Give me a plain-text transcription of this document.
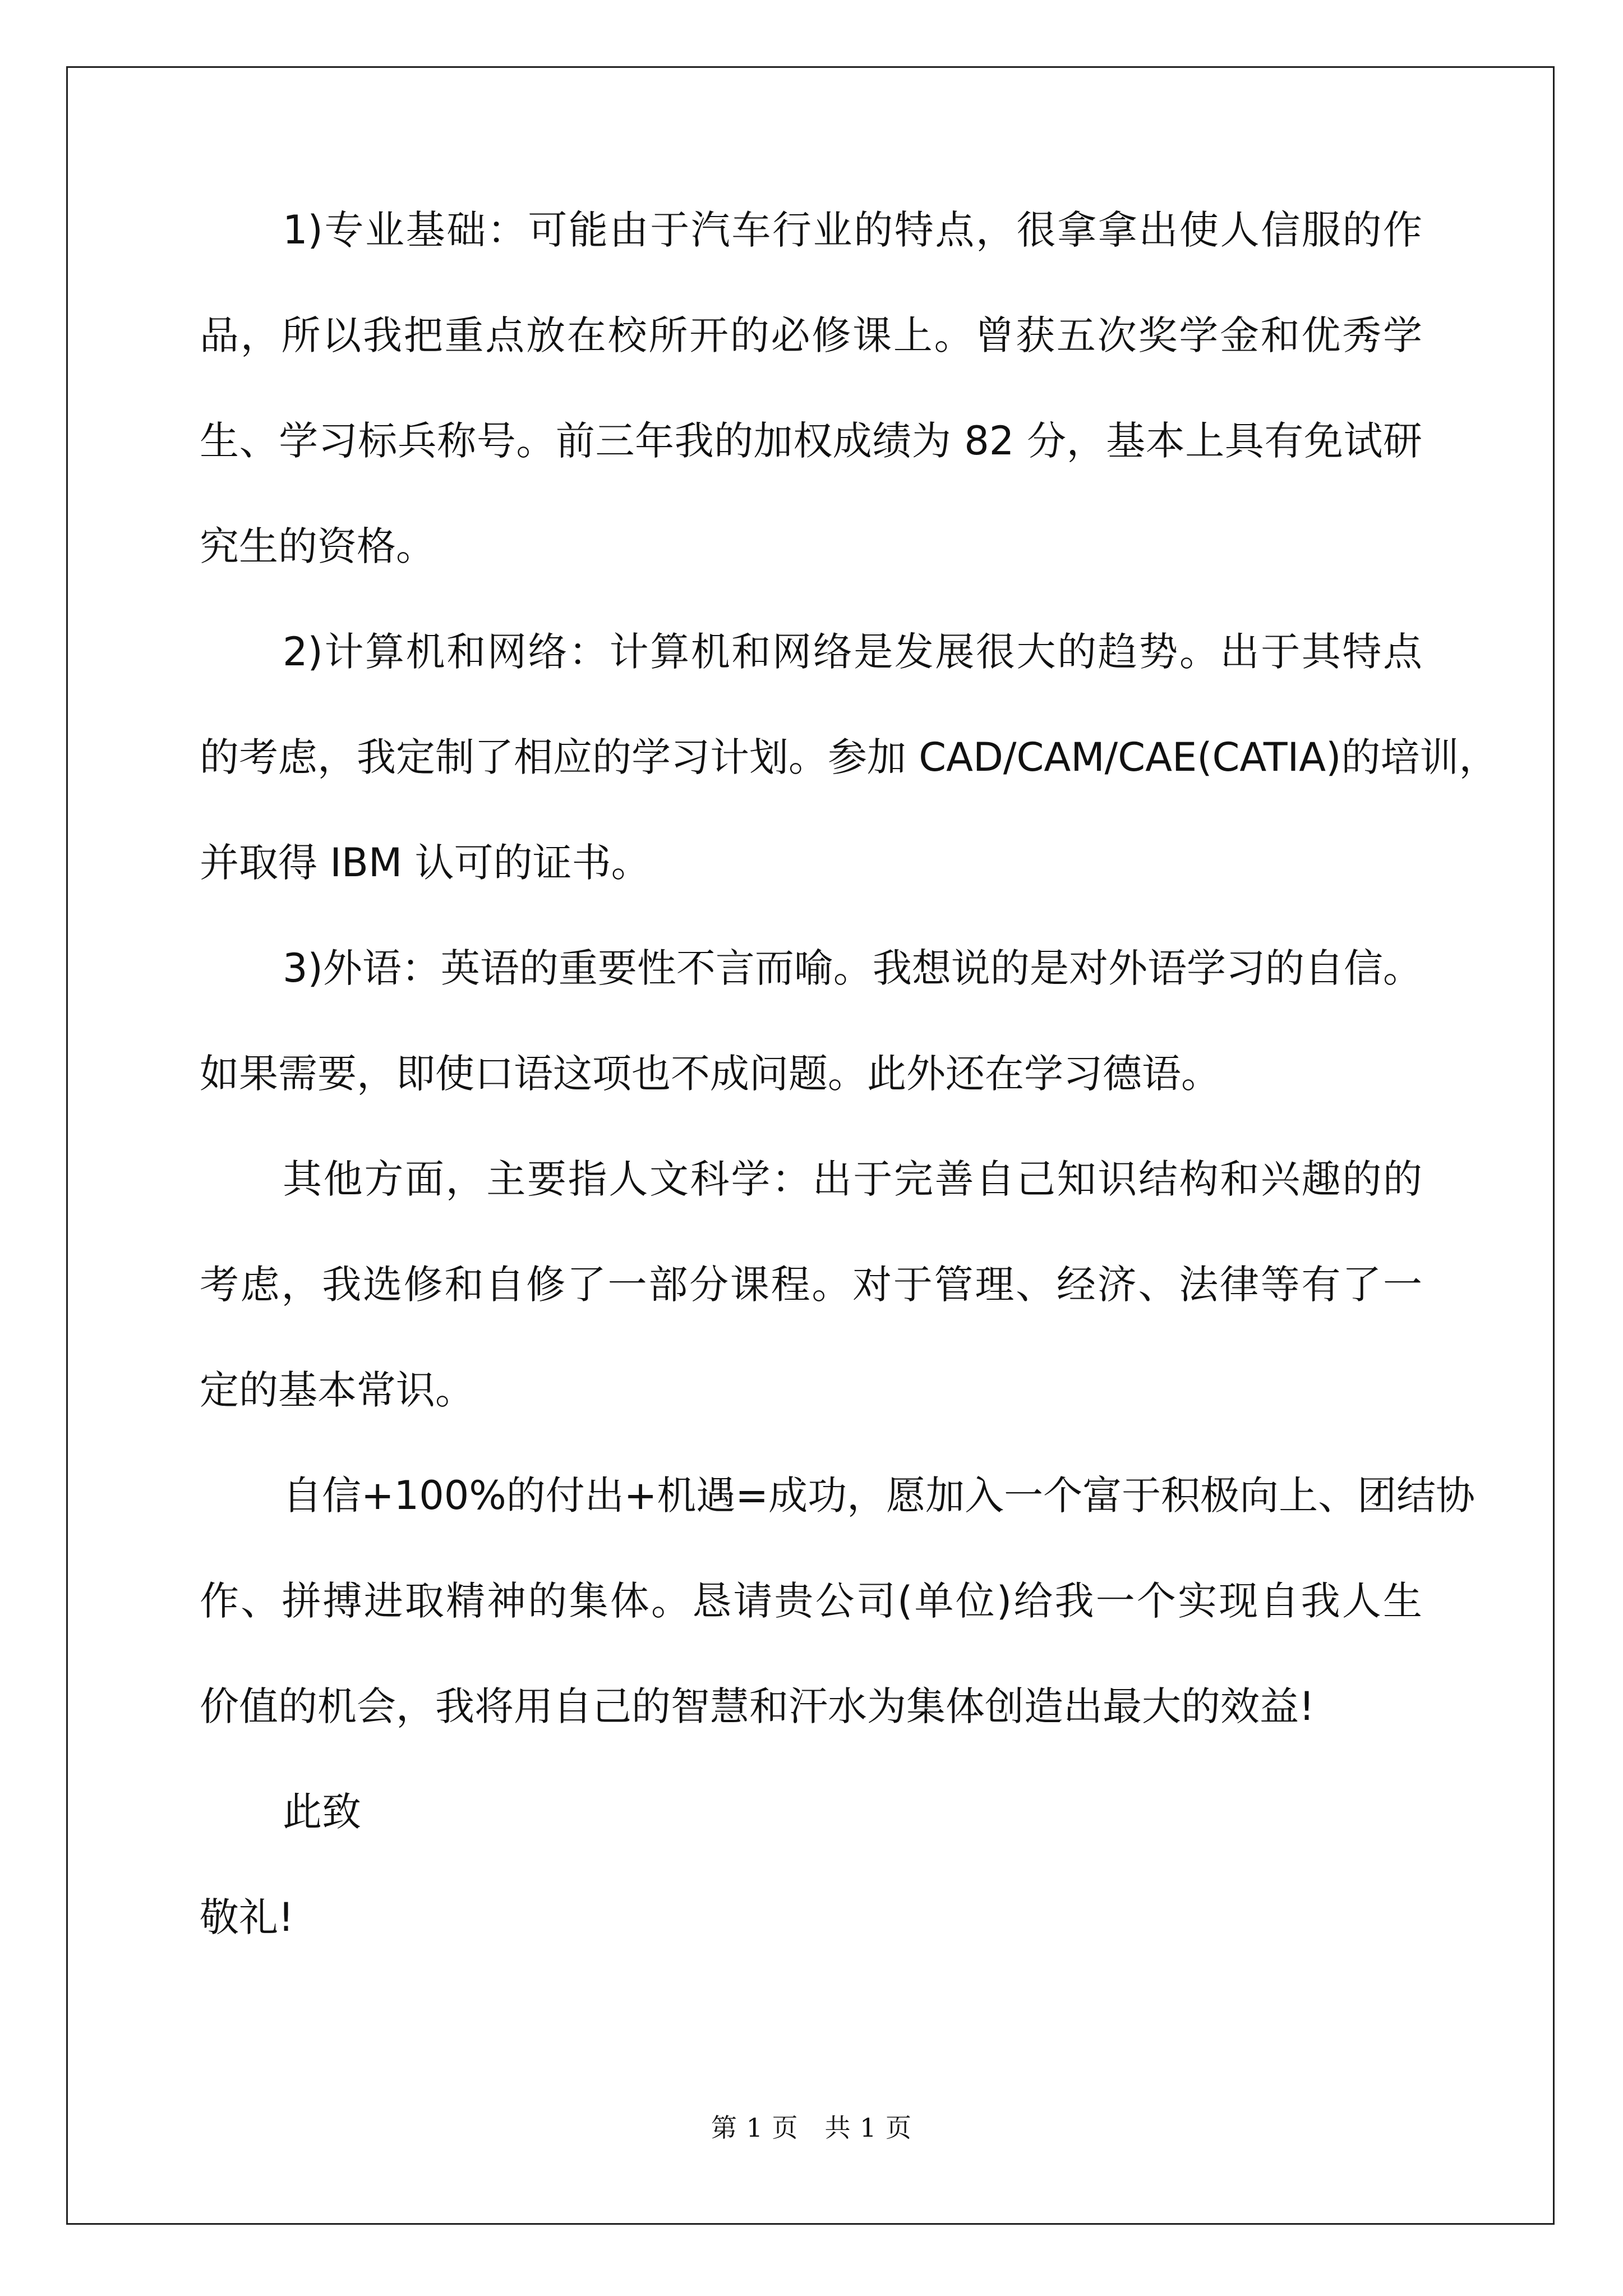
1)专业基础：可能由于汽车行业的特点，很拿拿出使人信服的作
品，所以我把重点放在校所开的必修课上。曾获五次奖学金和优秀学
生、学习标兵称号。前三年我的加权成绩为 82 分，基本上具有免试研
究生的资格。
2)计算机和网络：计算机和网络是发展很大的趋势。出于其特点
的考虑，我定制了相应的学习计划。参加 CAD/CAM/CAE(CATIA)的培训，
并取得 IBM 认可的证书。
3)外语：英语的重要性不言而喻。我想说的是对外语学习的自信。
如果需要，即使口语这项也不成问题。此外还在学习德语。
其他方面，主要指人文科学：出于完善自己知识结构和兴趣的的
考虑，我选修和自修了一部分课程。对于管理、经济、法律等有了一
定的基本常识。
自信+100%的付出+机遇=成功，愿加入一个富于积极向上、团结协
作、拼搏进取精神的集体。恳请贵公司(单位)给我一个实现自我人生
价值的机会，我将用自己的智慧和汗水为集体创造出最大的效益!
此致
敬礼!
第 1 页　共 1 页
